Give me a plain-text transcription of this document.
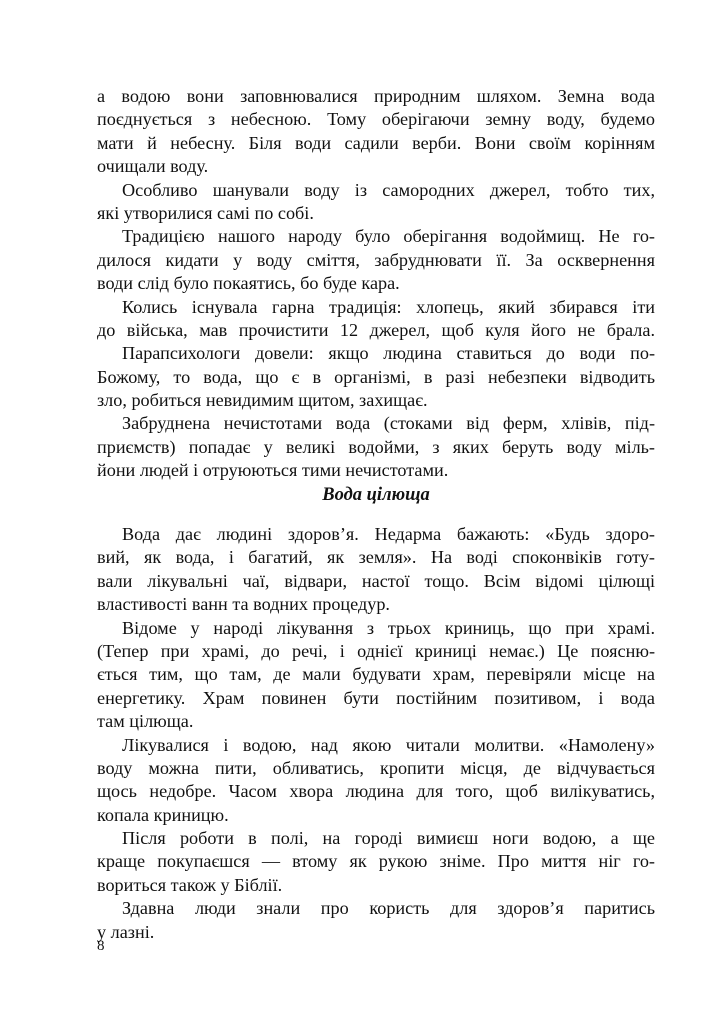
а водою вони заповнювалися природним шляхом. Земна вода
поєднується з небесною. Тому оберігаючи земну воду, будемо
мати й небесну. Біля води садили верби. Вони своїм корінням
очищали воду.
Особливо шанували воду із самородних джерел, тобто тих,
які утворилися самі по собі.
Традицією нашого народу було оберігання водоймищ. Не го-
дилося кидати у воду сміття, забруднювати її. За осквернення
води слід було покаятись, бо буде кара.
Колись існувала гарна традиція: хлопець, який збирався іти
до війська, мав прочистити 12 джерел, щоб куля його не брала.
Парапсихологи довели: якщо людина ставиться до води по-
Божому, то вода, що є в організмі, в разі небезпеки відводить
зло, робиться невидимим щитом, захищає.
Забруднена нечистотами вода (стоками від ферм, хлівів, під-
приємств) попадає у великі водойми, з яких беруть воду міль-
йони людей і отруюються тими нечистотами.
Вода цілюща
Вода дає людині здоров’я. Недарма бажають: «Будь здоро-
вий, як вода, і багатий, як земля». На воді споконвіків готу-
вали лікувальні чаї, відвари, настої тощо. Всім відомі цілющі
властивості ванн та водних процедур.
Відоме у народі лікування з трьох криниць, що при храмі.
(Тепер при храмі, до речі, і однієї криниці немає.) Це поясню-
ється тим, що там, де мали будувати храм, перевіряли місце на
енергетику. Храм повинен бути постійним позитивом, і вода
там цілюща.
Лікувалися і водою, над якою читали молитви. «Намолену»
воду можна пити, обливатись, кропити місця, де відчувається
щось недобре. Часом хвора людина для того, щоб вилікуватись,
копала криницю.
Після роботи в полі, на городі вимиєш ноги водою, а ще
краще покупаєшся — втому як рукою зніме. Про миття ніг го-
вориться також у Біблії.
Здавна люди знали про користь для здоров’я паритись
у лазні.
8
